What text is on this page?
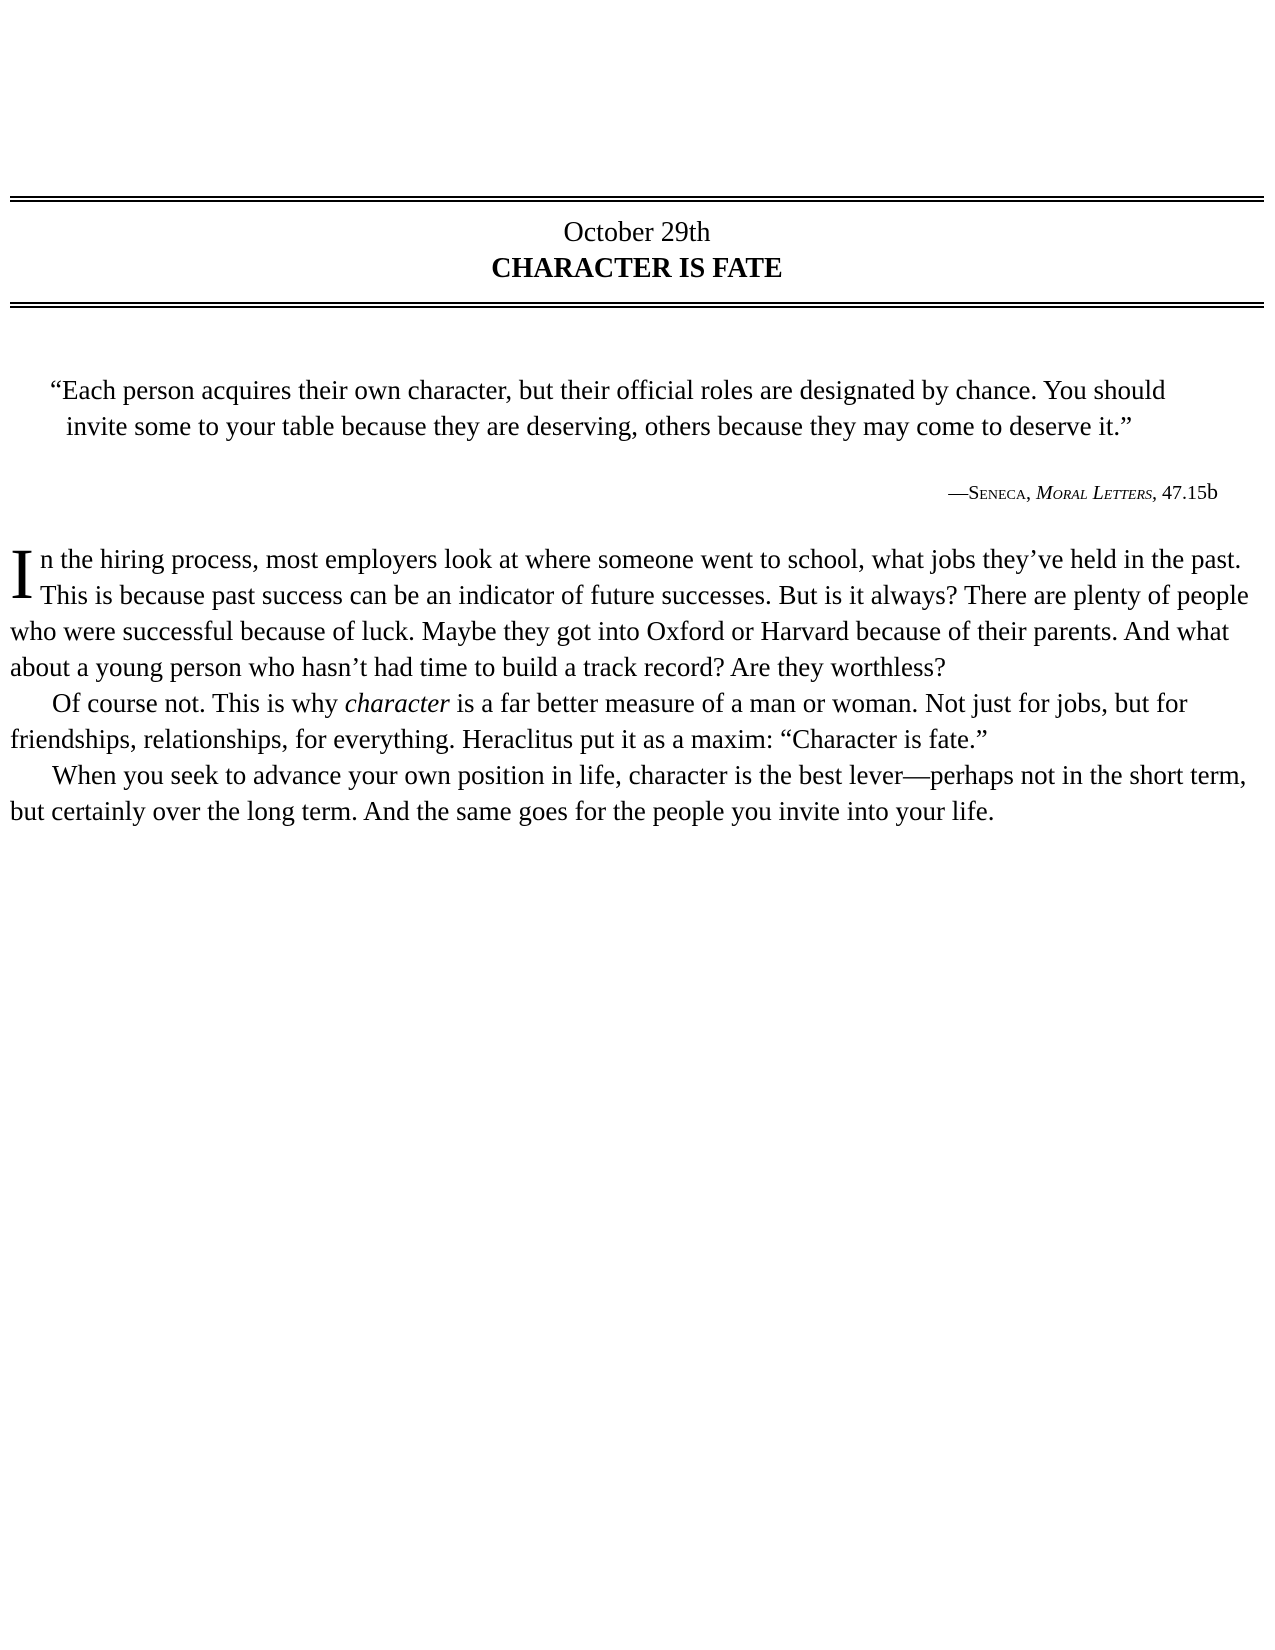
October 29th
CHARACTER IS FATE

“Each person acquires their own character, but their official roles are designated by chance. You should invite some to your table because they are deserving, others because they may come to deserve it.”

—Seneca, Moral Letters, 47.15b

In the hiring process, most employers look at where someone went to school, what jobs they’ve held in the past. This is because past success can be an indicator of future successes. But is it always? There are plenty of people who were successful because of luck. Maybe they got into Oxford or Harvard because of their parents. And what about a young person who hasn’t had time to build a track record? Are they worthless?

Of course not. This is why character is a far better measure of a man or woman. Not just for jobs, but for friendships, relationships, for everything. Heraclitus put it as a maxim: “Character is fate.”

When you seek to advance your own position in life, character is the best lever—perhaps not in the short term, but certainly over the long term. And the same goes for the people you invite into your life.
